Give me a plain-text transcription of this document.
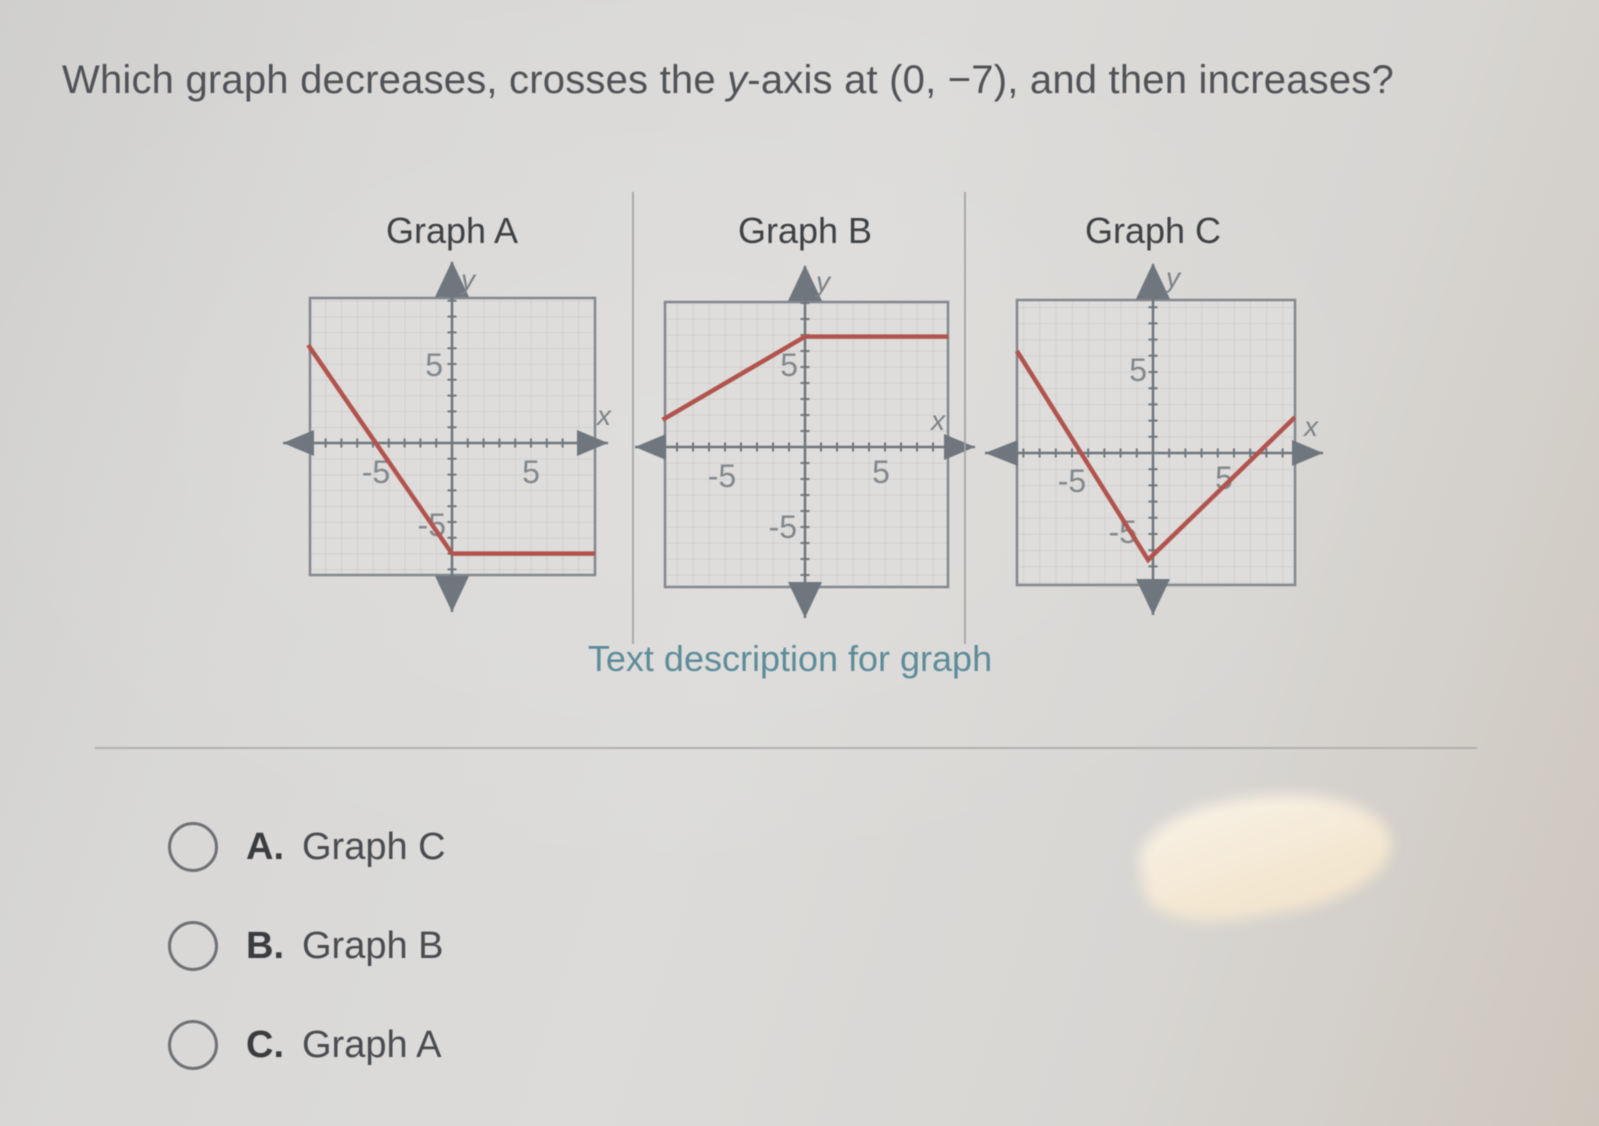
Which graph decreases, crosses the y-axis at (0, −7), and then increases?
Graph A	Graph B	Graph C
5
-5	5
-5
y
x
5
-5	5
-5
y
x
5
-5	5
-5
y
x
Text description for graph
A. Graph C
B. Graph B
C. Graph A
